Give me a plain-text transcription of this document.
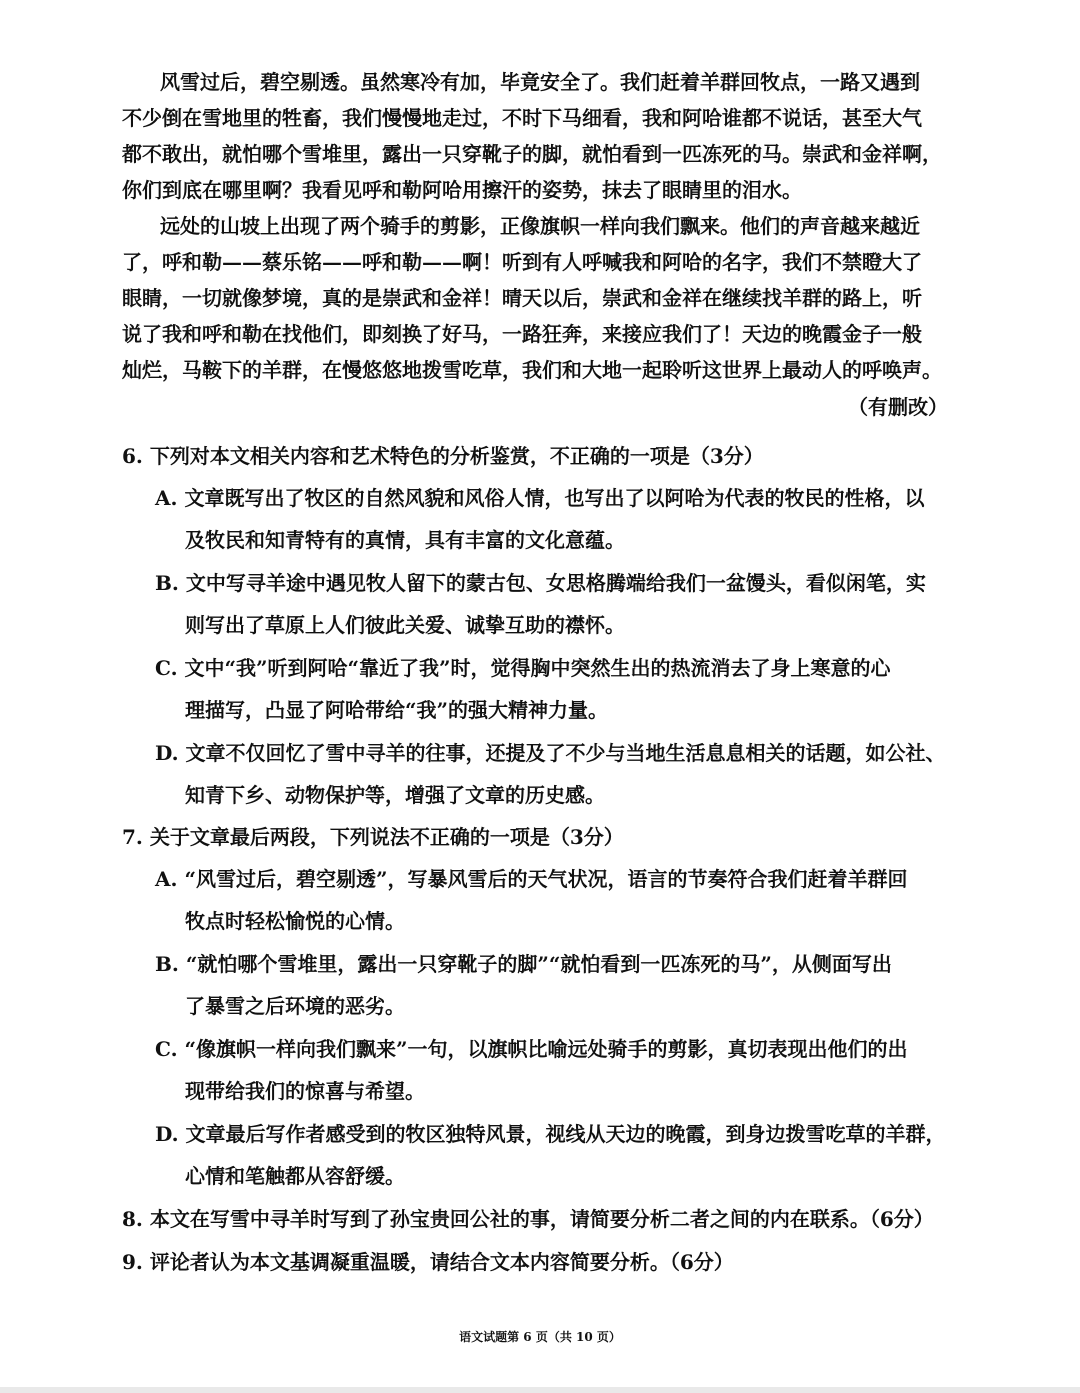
风雪过后，碧空剔透。虽然寒冷有加，毕竟安全了。我们赶着羊群回牧点，一路又遇到
不少倒在雪地里的牲畜，我们慢慢地走过，不时下马细看，我和阿哈谁都不说话，甚至大气
都不敢出，就怕哪个雪堆里，露出一只穿靴子的脚，就怕看到一匹冻死的马。崇武和金祥啊，
你们到底在哪里啊？我看见呼和勒阿哈用擦汗的姿势，抹去了眼睛里的泪水。
远处的山坡上出现了两个骑手的剪影，正像旗帜一样向我们飘来。他们的声音越来越近
了，呼和勒——蔡乐铭——呼和勒——啊！听到有人呼喊我和阿哈的名字，我们不禁瞪大了
眼睛，一切就像梦境，真的是崇武和金祥！晴天以后，崇武和金祥在继续找羊群的路上，听
说了我和呼和勒在找他们，即刻换了好马，一路狂奔，来接应我们了！天边的晚霞金子一般
灿烂，马鞍下的羊群，在慢悠悠地拨雪吃草，我们和大地一起聆听这世界上最动人的呼唤声。
（有删改）
6. 下列对本文相关内容和艺术特色的分析鉴赏，不正确的一项是（3分）
A. 文章既写出了牧区的自然风貌和风俗人情，也写出了以阿哈为代表的牧民的性格，以
及牧民和知青特有的真情，具有丰富的文化意蕴。
B. 文中写寻羊途中遇见牧人留下的蒙古包、女思格腾端给我们一盆馒头，看似闲笔，实
则写出了草原上人们彼此关爱、诚挚互助的襟怀。
C. 文中“我”听到阿哈“靠近了我”时，觉得胸中突然生出的热流消去了身上寒意的心
理描写，凸显了阿哈带给“我”的强大精神力量。
D. 文章不仅回忆了雪中寻羊的往事，还提及了不少与当地生活息息相关的话题，如公社、
知青下乡、动物保护等，增强了文章的历史感。
7. 关于文章最后两段，下列说法不正确的一项是（3分）
A. “风雪过后，碧空剔透”，写暴风雪后的天气状况，语言的节奏符合我们赶着羊群回
牧点时轻松愉悦的心情。
B. “就怕哪个雪堆里，露出一只穿靴子的脚”“就怕看到一匹冻死的马”，从侧面写出
了暴雪之后环境的恶劣。
C. “像旗帜一样向我们飘来”一句，以旗帜比喻远处骑手的剪影，真切表现出他们的出
现带给我们的惊喜与希望。
D. 文章最后写作者感受到的牧区独特风景，视线从天边的晚霞，到身边拨雪吃草的羊群，
心情和笔触都从容舒缓。
8. 本文在写雪中寻羊时写到了孙宝贵回公社的事，请简要分析二者之间的内在联系。（6分）
9. 评论者认为本文基调凝重温暖，请结合文本内容简要分析。（6分）
语文试题第 6 页（共 10 页）
